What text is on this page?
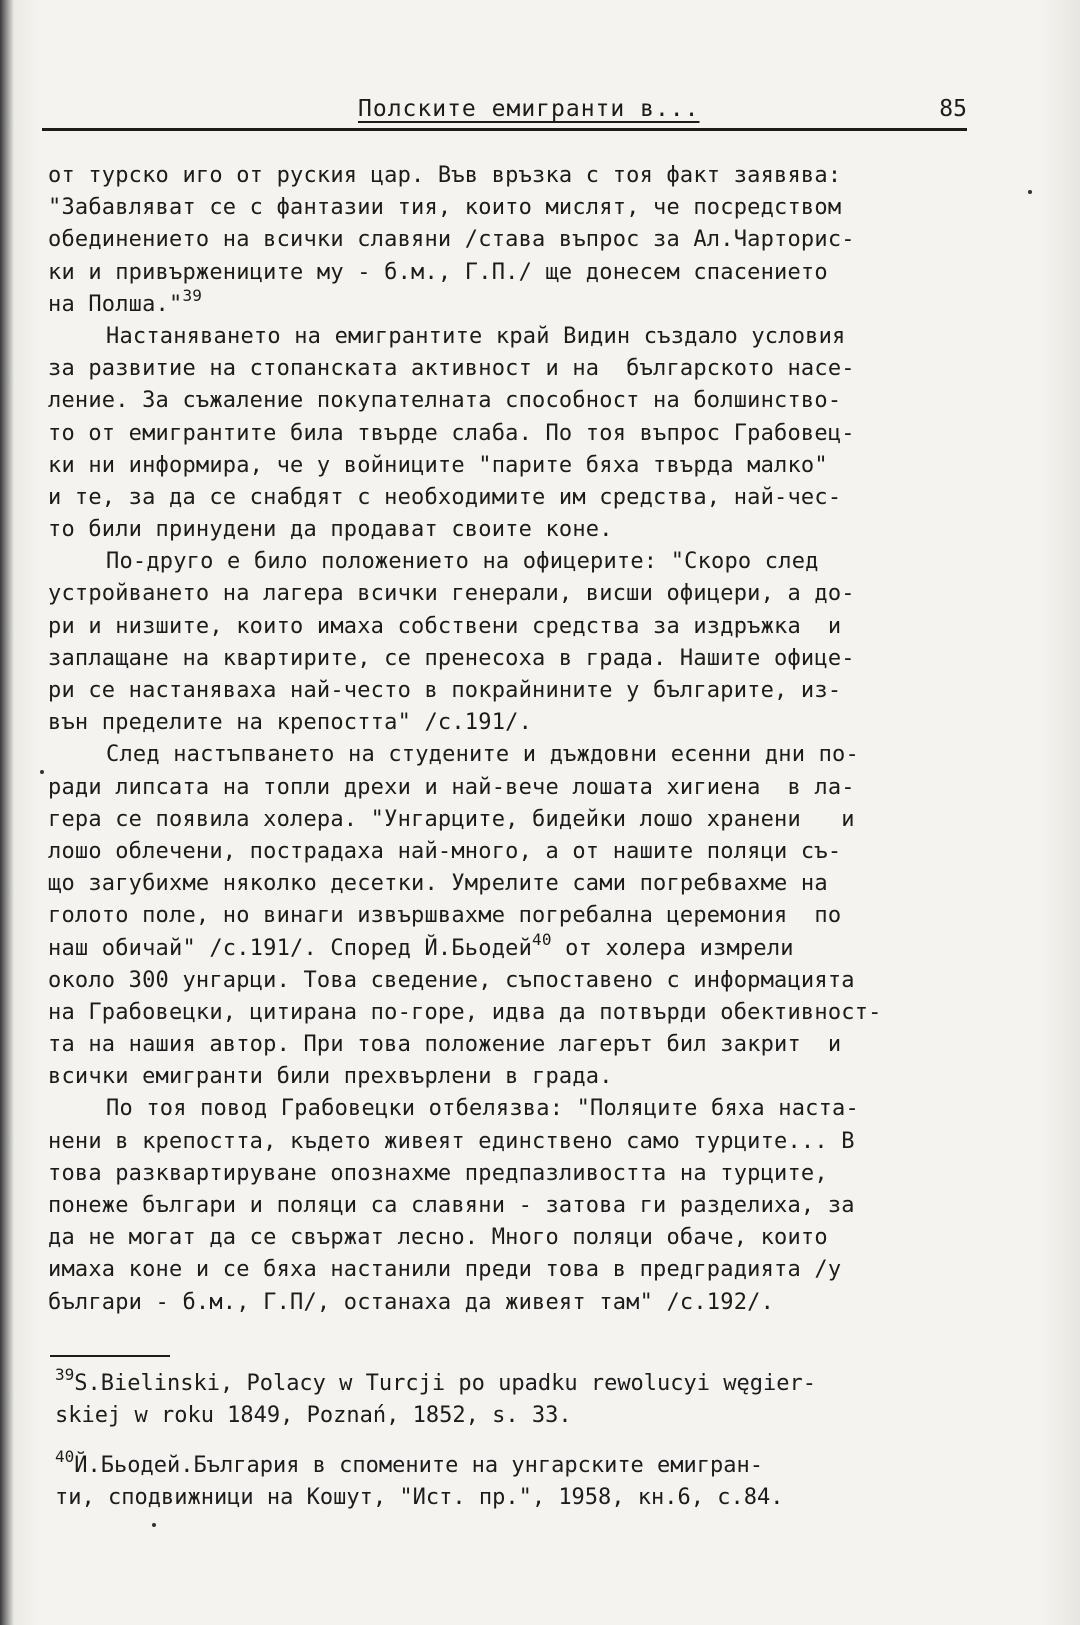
Полските емигранти в...	85
от турско иго от руския цар. Във връзка с тоя факт заявява:
"Забавляват се с фантазии тия, които мислят, че посредством
обединението на всички славяни /става въпрос за Ал.Чарторис-
ки и привържениците му - б.м., Г.П./ ще донесем спасението
на Полша."$^{39}$
Настаняването на емигрантите край Видин създало условия
за развитие на стопанската активност и на  българското насе-
ление. За съжаление покупателната способност на болшинство-
то от емигрантите била твърде слаба. По тоя въпрос Грабовец-
ки ни информира, че у войниците "парите бяха твърда малко"
и те, за да се снабдят с необходимите им средства, най-чес-
то били принудени да продават своите коне.
По-друго е било положението на офицерите: "Скоро след
устройването на лагера всички генерали, висши офицери, а до-
ри и низшите, които имаха собствени средства за издръжка  и
заплащане на квартирите, се пренесоха в града. Нашите офице-
ри се настаняваха най-често в покрайнините у българите, из-
вън пределите на крепостта" /с.191/.
След настъпването на студените и дъждовни есенни дни по-
ради липсата на топли дрехи и най-вече лошата хигиена  в ла-
гера се появила холера. "Унгарците, бидейки лошо хранени   и
лошо облечени, пострадаха най-много, а от нашите поляци съ-
що загубихме няколко десетки. Умрелите сами погребвахме на
голото поле, но винаги извършвахме погребална церемония  по
наш обичай" /с.191/. Според Й.Бьодей$^{40}$ от холера измрели
около 300 унгарци. Това сведение, съпоставено с информацията
на Грабовецки, цитирана по-горе, идва да потвърди обективност-
та на нашия автор. При това положение лагерът бил закрит  и
всички емигранти били прехвърлени в града.
По тоя повод Грабовецки отбелязва: "Поляците бяха наста-
нени в крепостта, където живеят единствено само турците... В
това разквартируване опознахме предпазливостта на турците,
понеже българи и поляци са славяни - затова ги разделиха, за
да не могат да се свържат лесно. Много поляци обаче, които
имаха коне и се бяха настанили преди това в предградията /у
българи - б.м., Г.П/, останаха да живеят там" /с.192/.
$^{39}$S.Bielinski, Polacy w Turcji po upadku rewolucyi węgier-
skiej w roku 1849, Poznań, 1852, s. 33.
$^{40}$Й.Бьодей.България в спомените на унгарските емигран-
ти, сподвижници на Кошут, "Ист. пр.", 1958, кн.6, с.84.
